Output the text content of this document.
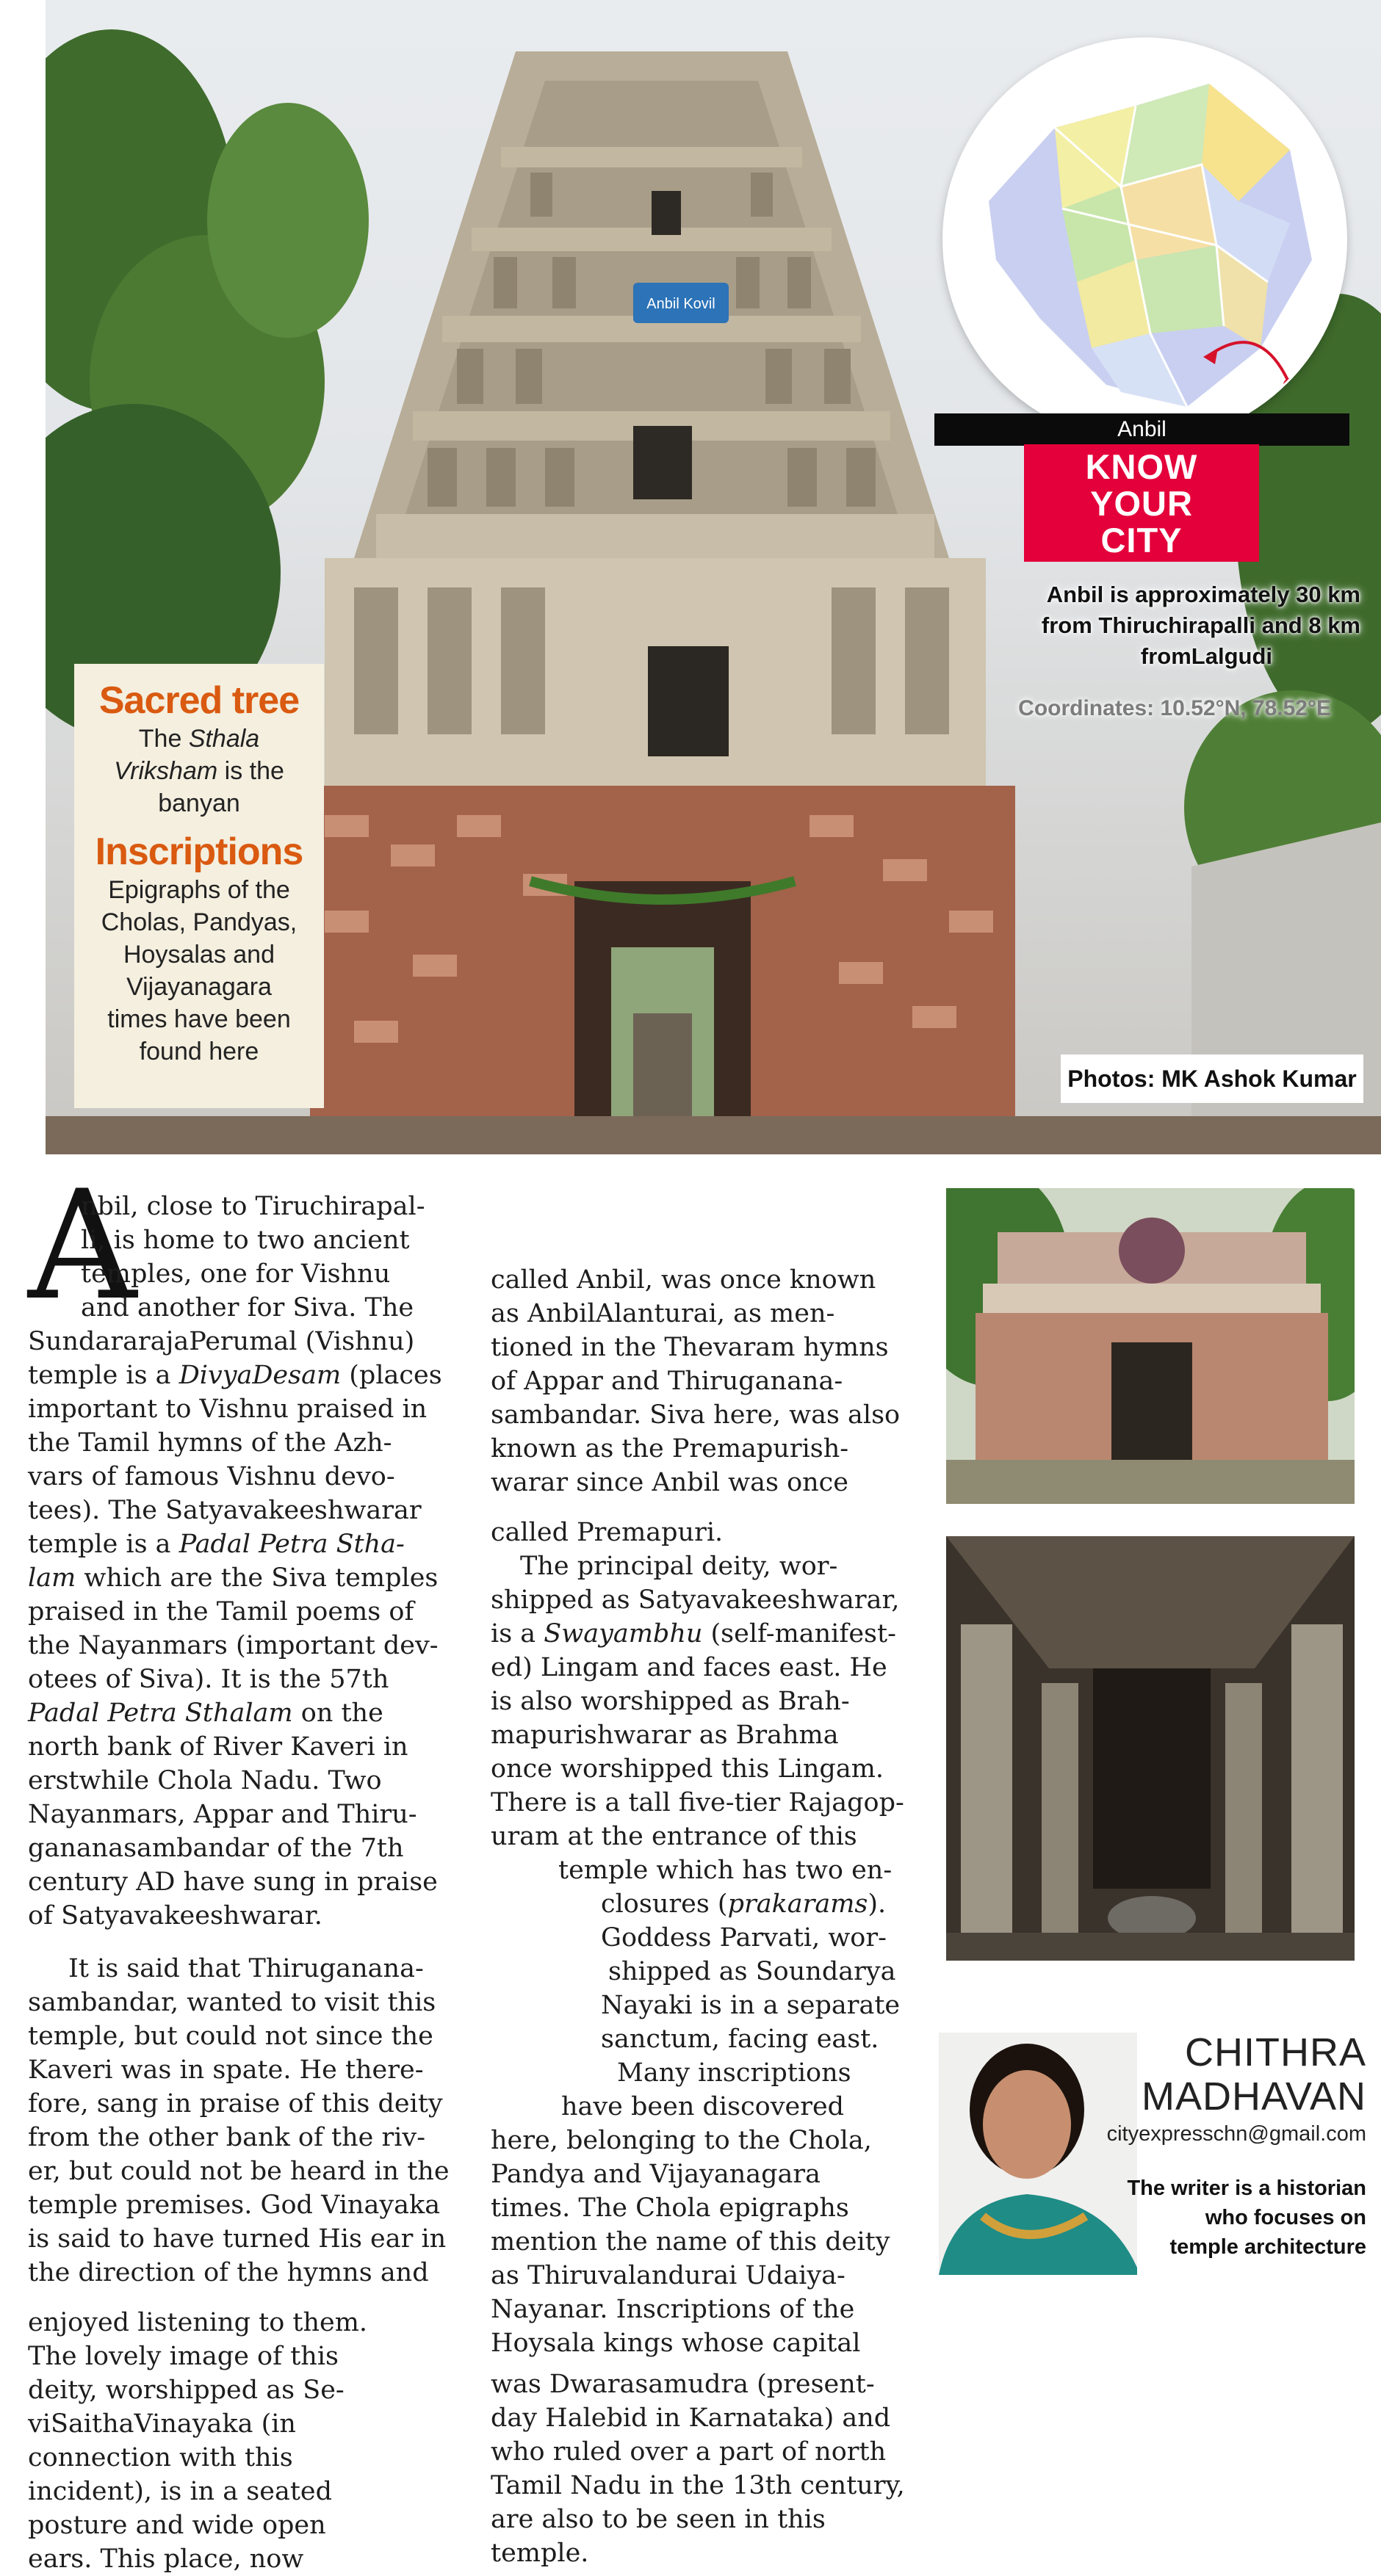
Anbil Kovil
Anbil
KNOW
YOUR
CITY
Anbil is approximately 30 km
from Thiruchirapalli and 8 km
fromLalgudi
Coordinates: 10.52°N, 78.52°E
Photos: MK Ashok Kumar
Sacred tree
The Sthala
Vriksham is the
banyan
Inscriptions
Epigraphs of the
Cholas, Pandyas,
Hoysalas and
Vijayanagara
times have been
found here
A
nbil, close to Tiruchirapal-
li, is home to two ancient
temples, one for Vishnu
and another for Siva. The
SundararajaPerumal (Vishnu)
temple is a DivyaDesam (places
important to Vishnu praised in
the Tamil hymns of the Azh-
vars of famous Vishnu devo-
tees). The Satyavakeeshwarar
temple is a Padal Petra Stha-
lam which are the Siva temples
praised in the Tamil poems of
the Nayanmars (important dev-
otees of Siva). It is the 57th
Padal Petra Sthalam on the
north bank of River Kaveri in
erstwhile Chola Nadu. Two
Nayanmars, Appar and Thiru-
gananasambandar of the 7th
century AD have sung in praise
of Satyavakeeshwarar.
It is said that Thiruganana-
sambandar, wanted to visit this
temple, but could not since the
Kaveri was in spate. He there-
fore, sang in praise of this deity
from the other bank of the riv-
er, but could not be heard in the
temple premises. God Vinayaka
is said to have turned His ear in
the direction of the hymns and
enjoyed listening to them.
The lovely image of this
deity, worshipped as Se-
viSaithaVinayaka (in
connection with this
incident), is in a seated
posture and wide open
ears. This place, now
called Anbil, was once known
as AnbilAlanturai, as men-
tioned in the Thevaram hymns
of Appar and Thiruganana-
sambandar. Siva here, was also
known as the Premapurish-
warar since Anbil was once
called Premapuri.
The principal deity, wor-
shipped as Satyavakeeshwarar,
is a Swayambhu (self-manifest-
ed) Lingam and faces east. He
is also worshipped as Brah-
mapurishwarar as Brahma
once worshipped this Lingam.
There is a tall five-tier Rajagop-
uram at the entrance of this
temple which has two en-
closures (prakarams).
Goddess Parvati, wor-
shipped as Soundarya
Nayaki is in a separate
sanctum, facing east.
Many inscriptions
have been discovered
here, belonging to the Chola,
Pandya and Vijayanagara
times. The Chola epigraphs
mention the name of this deity
as Thiruvalandurai Udaiya-
Nayanar. Inscriptions of the
Hoysala kings whose capital
was Dwarasamudra (present-
day Halebid in Karnataka) and
who ruled over a part of north
Tamil Nadu in the 13th century,
are also to be seen in this
temple.
CHITHRA
MADHAVAN
cityexpresschn@gmail.com
The writer is a historian
who focuses on
temple architecture
